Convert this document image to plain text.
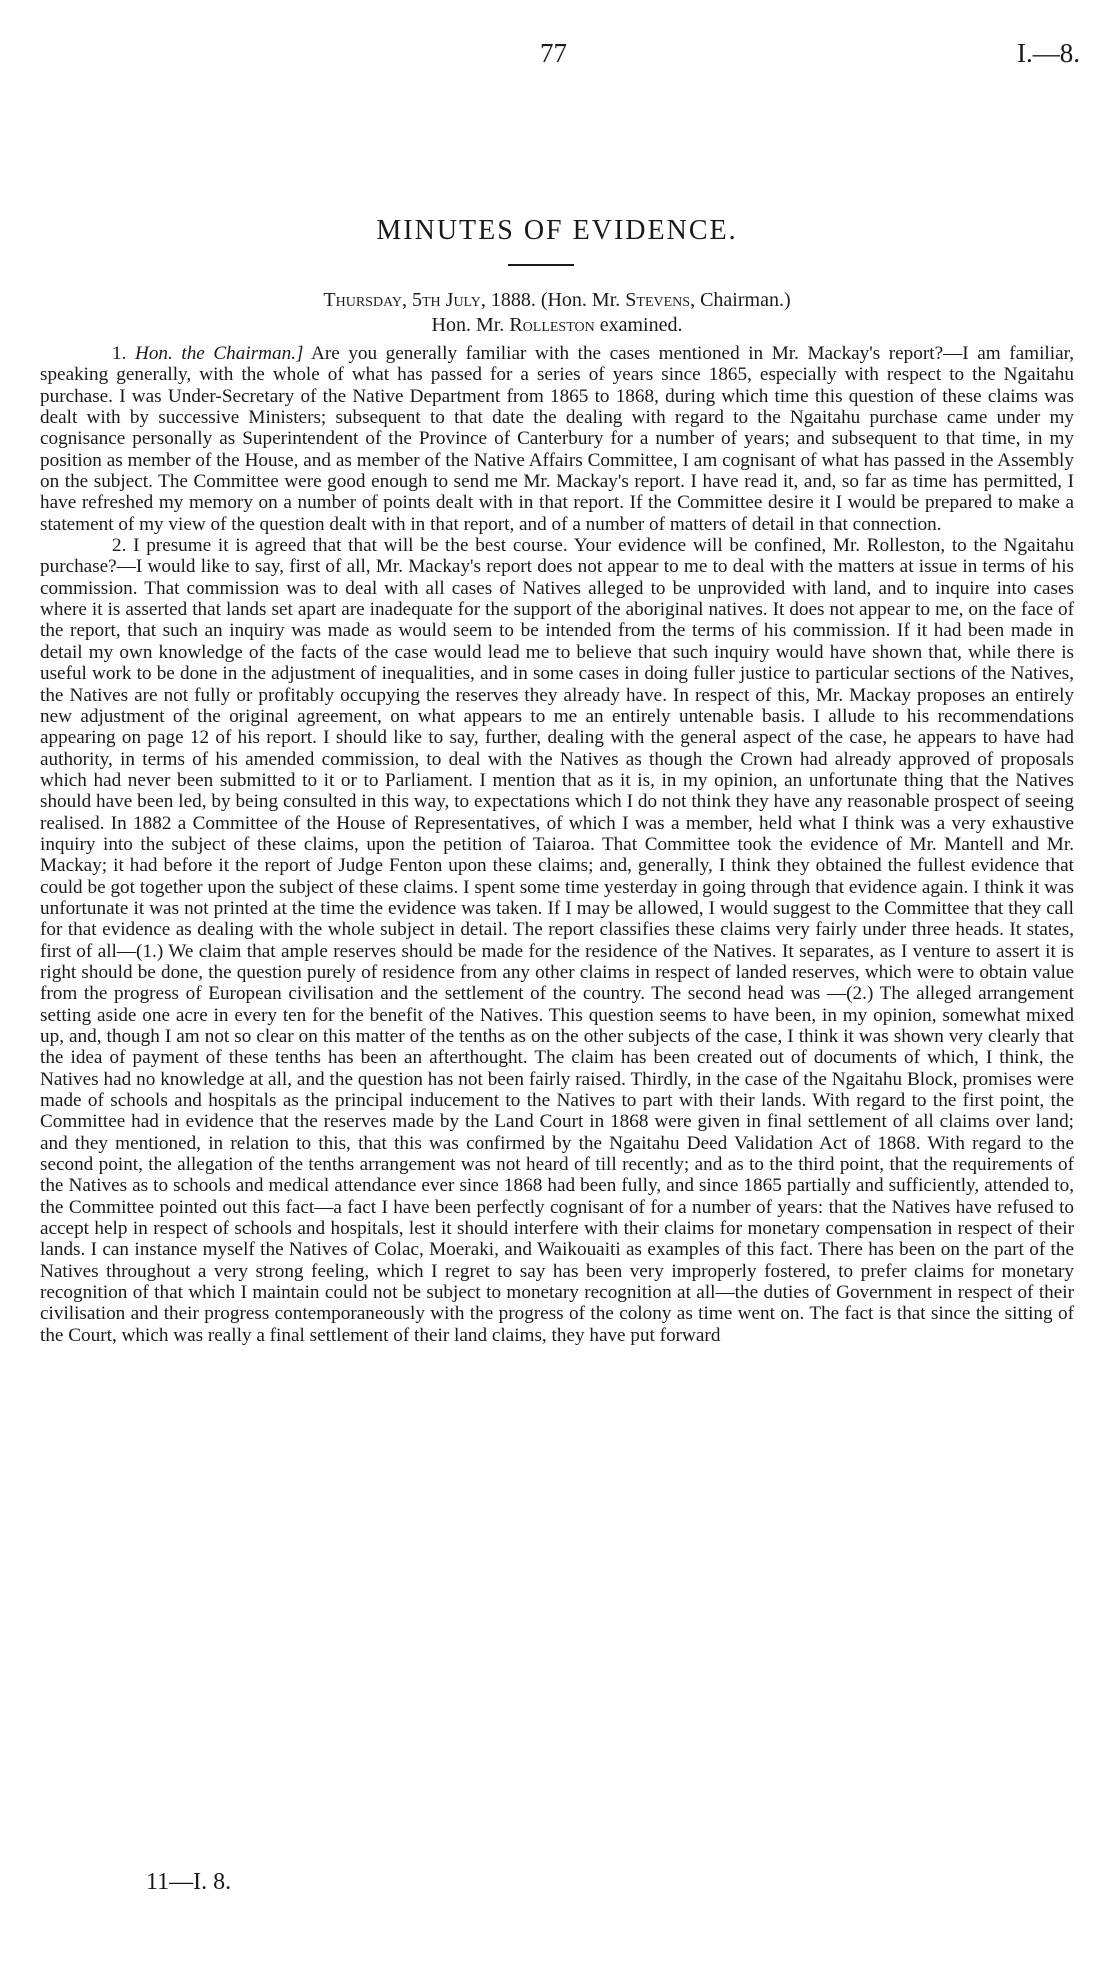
77	I.—8.
MINUTES OF EVIDENCE.
Thursday, 5th July, 1888. (Hon. Mr. Stevens, Chairman.)
Hon. Mr. Rolleston examined.

1. Hon. the Chairman.] Are you generally familiar with the cases mentioned in Mr. Mackay's report?—I am familiar, speaking generally, with the whole of what has passed for a series of years since 1865, especially with respect to the Ngaitahu purchase. I was Under-Secretary of the Native Department from 1865 to 1868, during which time this question of these claims was dealt with by successive Ministers; subsequent to that date the dealing with regard to the Ngaitahu purchase came under my cognisance personally as Superintendent of the Province of Canterbury for a number of years; and subsequent to that time, in my position as member of the House, and as member of the Native Affairs Committee, I am cognisant of what has passed in the Assembly on the subject. The Committee were good enough to send me Mr. Mackay's report. I have read it, and, so far as time has permitted, I have refreshed my memory on a number of points dealt with in that report. If the Committee desire it I would be prepared to make a statement of my view of the question dealt with in that report, and of a number of matters of detail in that connection.

2. I presume it is agreed that that will be the best course. Your evidence will be confined, Mr. Rolleston, to the Ngaitahu purchase?—I would like to say, first of all, Mr. Mackay's report does not appear to me to deal with the matters at issue in terms of his commission. That commission was to deal with all cases of Natives alleged to be unprovided with land, and to inquire into cases where it is asserted that lands set apart are inadequate for the support of the aboriginal natives. It does not appear to me, on the face of the report, that such an inquiry was made as would seem to be intended from the terms of his commission. If it had been made in detail my own knowledge of the facts of the case would lead me to believe that such inquiry would have shown that, while there is useful work to be done in the adjustment of inequalities, and in some cases in doing fuller justice to particular sections of the Natives, the Natives are not fully or profitably occupying the reserves they already have. In respect of this, Mr. Mackay proposes an entirely new adjustment of the original agreement, on what appears to me an entirely untenable basis. I allude to his recommendations appearing on page 12 of his report. I should like to say, further, dealing with the general aspect of the case, he appears to have had authority, in terms of his amended commission, to deal with the Natives as though the Crown had already approved of proposals which had never been submitted to it or to Parliament. I mention that as it is, in my opinion, an unfortunate thing that the Natives should have been led, by being consulted in this way, to expectations which I do not think they have any reasonable prospect of seeing realised. In 1882 a Committee of the House of Representatives, of which I was a member, held what I think was a very exhaustive inquiry into the subject of these claims, upon the petition of Taiaroa. That Committee took the evidence of Mr. Mantell and Mr. Mackay; it had before it the report of Judge Fenton upon these claims; and, generally, I think they obtained the fullest evidence that could be got together upon the subject of these claims. I spent some time yesterday in going through that evidence again. I think it was unfortunate it was not printed at the time the evidence was taken. If I may be allowed, I would suggest to the Committee that they call for that evidence as dealing with the whole subject in detail. The report classifies these claims very fairly under three heads. It states, first of all—(1.) We claim that ample reserves should be made for the residence of the Natives. It separates, as I venture to assert it is right should be done, the question purely of residence from any other claims in respect of landed reserves, which were to obtain value from the progress of European civilisation and the settlement of the country. The second head was —(2.) The alleged arrangement setting aside one acre in every ten for the benefit of the Natives. This question seems to have been, in my opinion, somewhat mixed up, and, though I am not so clear on this matter of the tenths as on the other subjects of the case, I think it was shown very clearly that the idea of payment of these tenths has been an afterthought. The claim has been created out of documents of which, I think, the Natives had no knowledge at all, and the question has not been fairly raised. Thirdly, in the case of the Ngaitahu Block, promises were made of schools and hospitals as the principal inducement to the Natives to part with their lands. With regard to the first point, the Committee had in evidence that the reserves made by the Land Court in 1868 were given in final settlement of all claims over land; and they mentioned, in relation to this, that this was confirmed by the Ngaitahu Deed Validation Act of 1868. With regard to the second point, the allegation of the tenths arrangement was not heard of till recently; and as to the third point, that the requirements of the Natives as to schools and medical attendance ever since 1868 had been fully, and since 1865 partially and sufficiently, attended to, the Committee pointed out this fact—a fact I have been perfectly cognisant of for a number of years: that the Natives have refused to accept help in respect of schools and hospitals, lest it should interfere with their claims for monetary compensation in respect of their lands. I can instance myself the Natives of Colac, Moeraki, and Waikouaiti as examples of this fact. There has been on the part of the Natives throughout a very strong feeling, which I regret to say has been very improperly fostered, to prefer claims for monetary recognition of that which I maintain could not be subject to monetary recognition at all—the duties of Government in respect of their civilisation and their progress contemporaneously with the progress of the colony as time went on. The fact is that since the sitting of the Court, which was really a final settlement of their land claims, they have put forward

11—I. 8.
